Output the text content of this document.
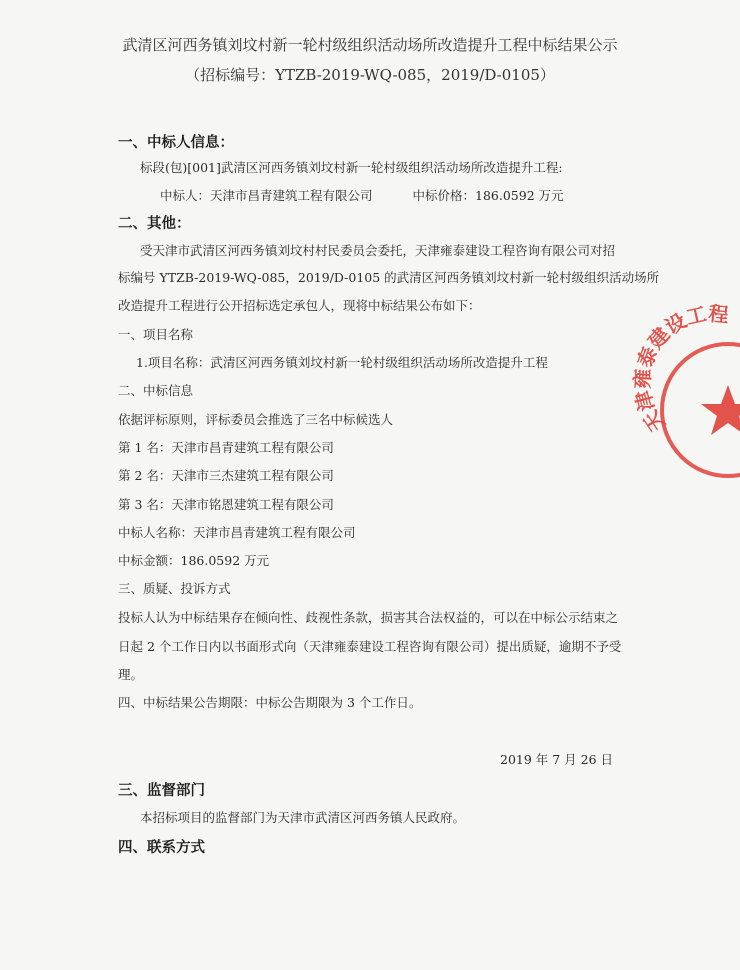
武清区河西务镇刘坟村新一轮村级组织活动场所改造提升工程中标结果公示
（招标编号：YTZB-2019-WQ-085，2019/D-0105）
一、中标人信息：
标段(包)[001]武清区河西务镇刘坟村新一轮村级组织活动场所改造提升工程:
中标人：天津市昌青建筑工程有限公司	中标价格：186.0592 万元
二、其他：
受天津市武清区河西务镇刘坟村村民委员会委托，天津雍泰建设工程咨询有限公司对招
标编号 YTZB-2019-WQ-085，2019/D-0105 的武清区河西务镇刘坟村新一轮村级组织活动场所
改造提升工程进行公开招标选定承包人，现将中标结果公布如下：
一、项目名称
1.项目名称：武清区河西务镇刘坟村新一轮村级组织活动场所改造提升工程
二、中标信息
依据评标原则，评标委员会推选了三名中标候选人
第 1 名：天津市昌青建筑工程有限公司
第 2 名：天津市三杰建筑工程有限公司
第 3 名：天津市铭恩建筑工程有限公司
中标人名称：天津市昌青建筑工程有限公司
中标金额：186.0592 万元
三、质疑、投诉方式
投标人认为中标结果存在倾向性、歧视性条款，损害其合法权益的，可以在中标公示结束之
日起 2 个工作日内以书面形式向（天津雍泰建设工程咨询有限公司）提出质疑，逾期不予受
理。
四、中标结果公告期限：中标公告期限为 3 个工作日。
2019 年 7 月 26 日
三、监督部门
本招标项目的监督部门为天津市武清区河西务镇人民政府。
四、联系方式
天津雍泰建设工程
